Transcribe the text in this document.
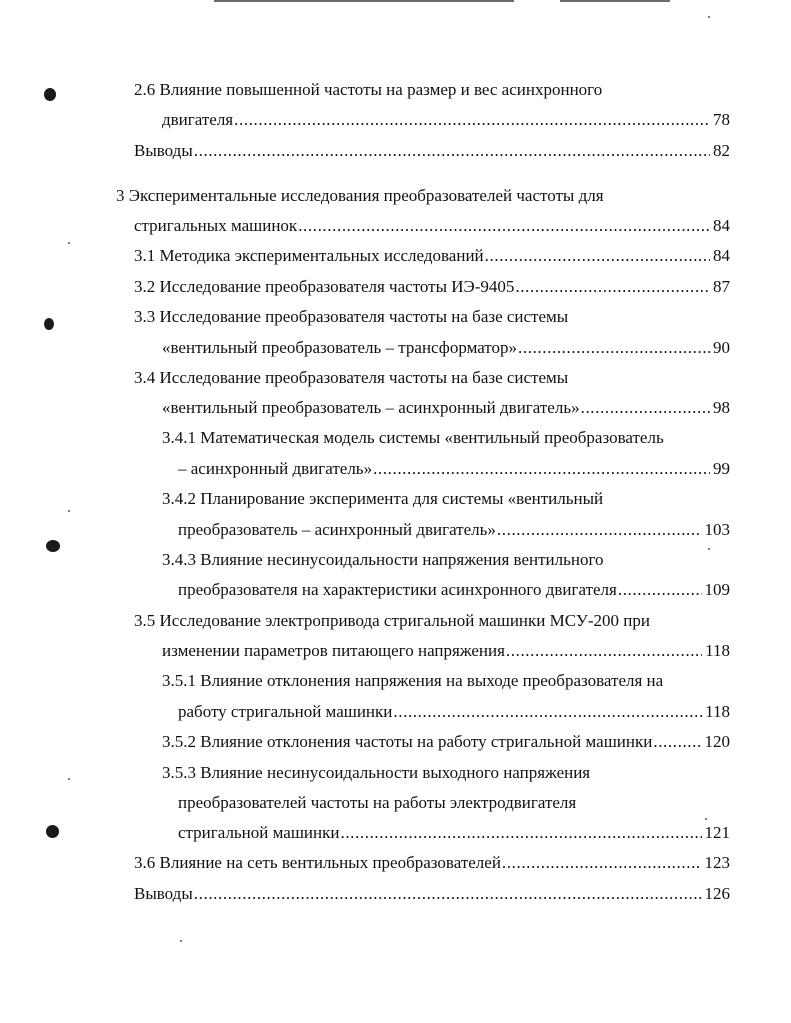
2.6 Влияние повышенной частоты на размер и вес асинхронного
двигателя .....	78
Выводы .....	82
3 Экспериментальные исследования преобразователей частоты для
стригальных машинок .....	84
3.1 Методика экспериментальных исследований .....	84
3.2 Исследование преобразователя частоты ИЭ-9405 .....	87
3.3 Исследование преобразователя частоты на базе системы
«вентильный преобразователь – трансформатор» .....	90
3.4 Исследование преобразователя частоты на базе системы
«вентильный преобразователь – асинхронный двигатель» .....	98
3.4.1 Математическая модель системы «вентильный преобразователь
– асинхронный двигатель» .....	99
3.4.2 Планирование эксперимента для системы «вентильный
преобразователь – асинхронный двигатель» .....	103
3.4.3 Влияние несинусоидальности напряжения вентильного
преобразователя на характеристики асинхронного двигателя .....	109
3.5 Исследование электропривода стригальной машинки МСУ-200 при
изменении параметров питающего напряжения .....	118
3.5.1 Влияние отклонения напряжения на выходе преобразователя на
работу стригальной машинки .....	118
3.5.2 Влияние отклонения частоты на работу стригальной машинки .....	120
3.5.3 Влияние несинусоидальности выходного напряжения
преобразователей частоты на работы электродвигателя
стригальной машинки .....	121
3.6 Влияние на сеть вентильных преобразователей .....	123
Выводы .....	126
